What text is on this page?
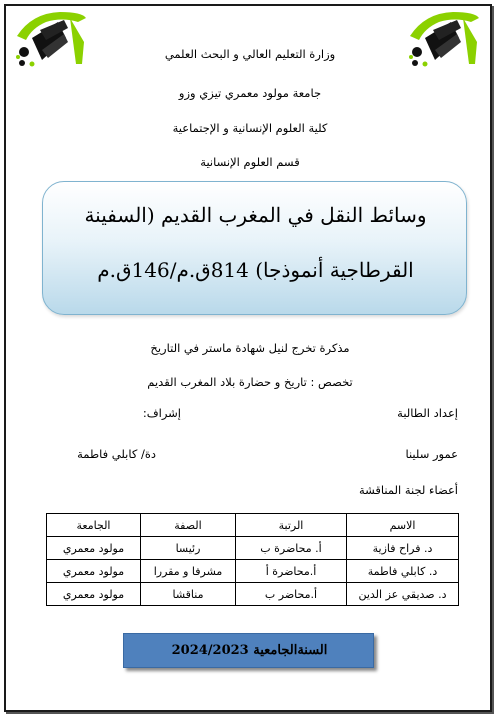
وزارة التعليم العالي و البحث العلمي
جامعة مولود معمري تيزي وزو
كلية العلوم الإنسانية و الإجتماعية
قسم العلوم الإنسانية
وسائط النقل في المغرب القديم (السفينة
القرطاجية أنموذجا) 814ق.م/146ق.م
مذكرة تخرج لنيل شهادة ماستر في التاريخ
تخصص : تاريخ و حضارة بلاد المغرب القديم
إعداد الطالبة
إشراف:
عمور سلينا
دة/ كابلي فاطمة
أعضاء لجنة المناقشة
الاسم	الرتبة	الصفة	الجامعة
د. فراح فازية	أ. محاضرة ب	رئيسا	مولود معمري
د. كابلي فاطمة	أ.محاضرة أ	مشرفا و مقررا	مولود معمري
د. صديقي عز الدين	أ.محاضر ب	مناقشا	مولود معمري
السنةالجامعية 2024/2023
